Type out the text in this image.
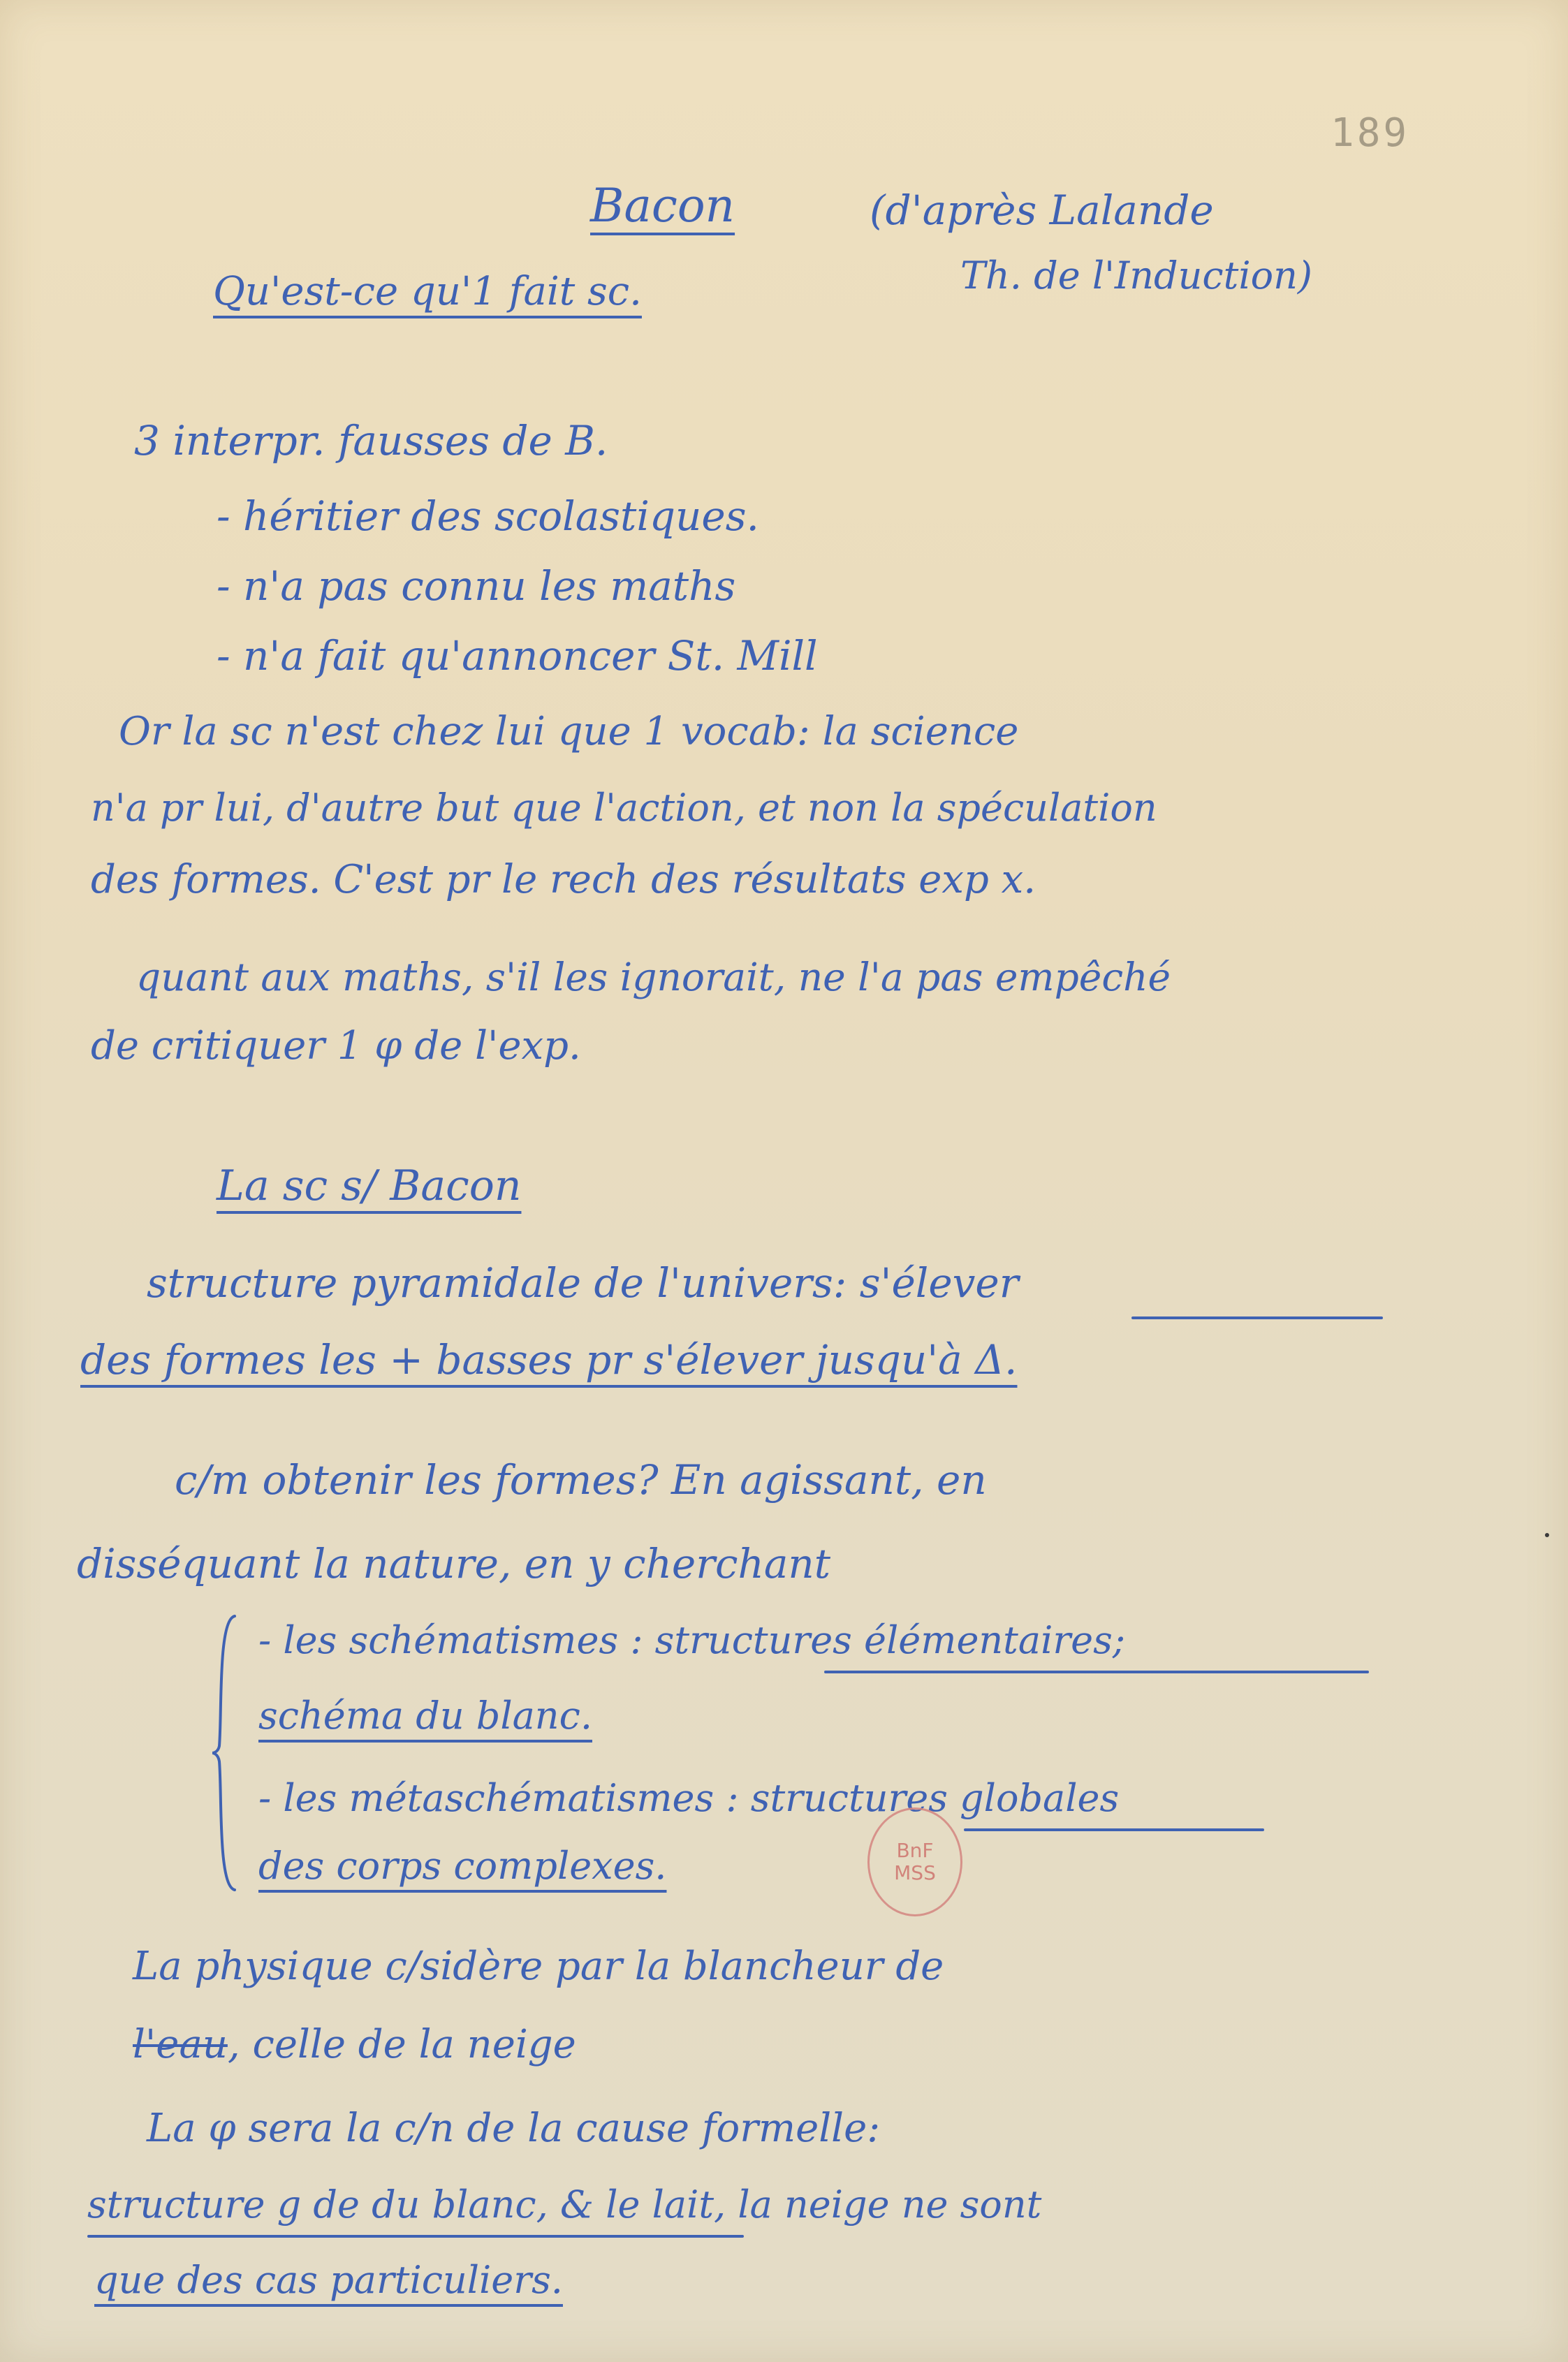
189
Bacon	(d'après Lalande
Th. de l'Induction)
Qu'est-ce qu'1 fait sc.
3 interpr. fausses de B.
- héritier des scolastiques.
- n'a pas connu les maths
- n'a fait qu'annoncer St. Mill
Or la sc n'est chez lui que 1 vocab: la science
n'a pr lui, d'autre but que l'action, et non la spéculation
des formes. C'est pr le rech des résultats exp x.
quant aux maths, s'il les ignorait, ne l'a pas empêché
de critiquer 1 φ de l'exp.
La sc s/ Bacon
structure pyramidale de l'univers: s'élever
des formes les + basses pr s'élever jusqu'à Δ.
c/m obtenir les formes? En agissant, en
disséquant la nature, en y cherchant
- les schématismes : structures élémentaires;
schéma du blanc.
- les métaschématismes : structures globales
des corps complexes.	BnF
MSS
La physique c/sidère par la blancheur de
l'eau, celle de la neige
La φ sera la c/n de la cause formelle:
structure g de du blanc, & le lait, la neige ne sont
que des cas particuliers.
